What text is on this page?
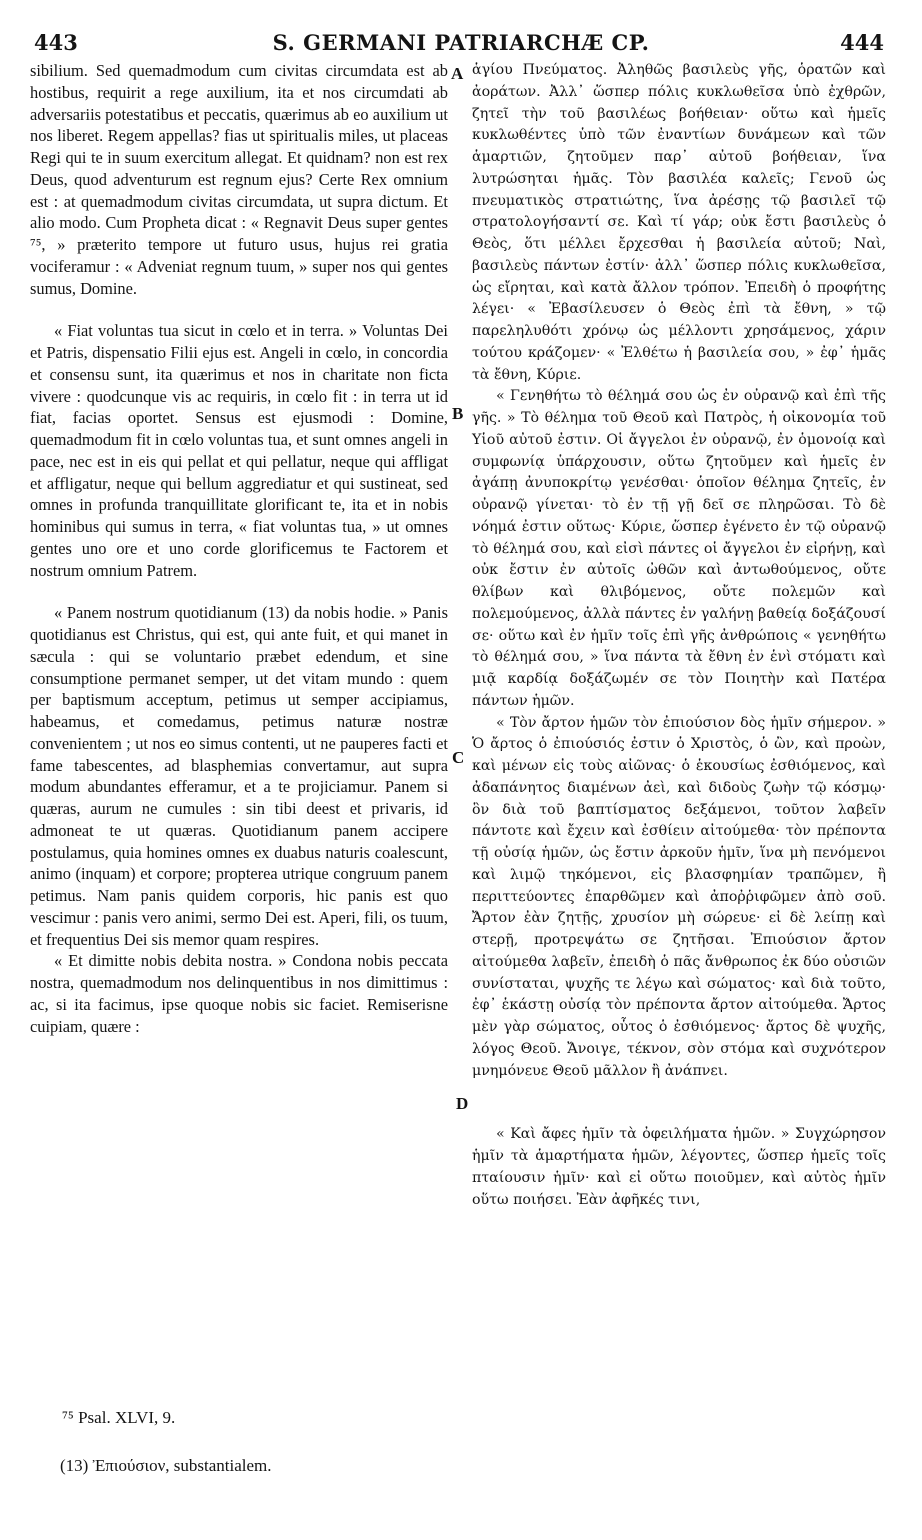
443	S. GERMANI PATRIARCHÆ CP.	444

sibilium. Sed quemadmodum cum civitas circumdata est ab hostibus, requirit a rege auxilium, ita et nos circumdati ab adversariis potestatibus et peccatis, quærimus ab eo auxilium ut nos liberet. Regem appellas? fias ut spiritualis miles, ut placeas Regi qui te in suum exercitum allegat. Et quidnam? non est rex Deus, quod adventurum est regnum ejus? Certe Rex omnium est : at quemadmodum civitas circumdata, ut supra dictum. Et alio modo. Cum Propheta dicat : « Regnavit Deus super gentes ⁷⁵, » præterito tempore ut futuro usus, hujus rei gratia vociferamur : « Adveniat regnum tuum, » super nos qui gentes sumus, Domine.

« Fiat voluntas tua sicut in cœlo et in terra. » Voluntas Dei et Patris, dispensatio Filii ejus est. Angeli in cœlo, in concordia et consensu sunt, ita quærimus et nos in charitate non ficta vivere : quodcunque vis ac requiris, in cœlo fit : in terra ut id fiat, facias oportet. Sensus est ejusmodi : Domine, quemadmodum fit in cœlo voluntas tua, et sunt omnes angeli in pace, nec est in eis qui pellat et qui pellatur, neque qui affligat et affligatur, neque qui bellum aggrediatur et qui sustineat, sed omnes in profunda tranquillitate glorificant te, ita et in nobis hominibus qui sumus in terra, « fiat voluntas tua, » ut omnes gentes uno ore et uno corde glorificemus te Factorem et nostrum omnium Patrem.

« Panem nostrum quotidianum (13) da nobis hodie. » Panis quotidianus est Christus, qui est, qui ante fuit, et qui manet in sæcula : qui se voluntario præbet edendum, et sine consumptione permanet semper, ut det vitam mundo : quem per baptismum acceptum, petimus ut semper accipiamus, habeamus, et comedamus, petimus naturæ nostræ convenientem ; ut nos eo simus contenti, ut ne pauperes facti et fame tabescentes, ad blasphemias convertamur, aut supra modum abundantes efferamur, et a te projiciamur. Panem si quæras, aurum ne cumules : sin tibi deest et privaris, id admoneat te ut quæras. Quotidianum panem accipere postulamus, quia homines omnes ex duabus naturis coalescunt, animo (inquam) et corpore; propterea utrique congruum panem petimus. Nam panis quidem corporis, hic panis est quo vescimur : panis vero animi, sermo Dei est. Aperi, fili, os tuum, et frequentius Dei sis memor quam respires.

« Et dimitte nobis debita nostra. » Condona nobis peccata nostra, quemadmodum nos delinquentibus in nos dimittimus : ac, si ita facimus, ipse quoque nobis sic faciet. Remiserisne cuipiam, quære :

ἁγίου Πνεύματος. Ἀληθῶς βασιλεὺς γῆς, ὁρατῶν καὶ ἀοράτων. Ἀλλ᾽ ὥσπερ πόλις κυκλωθεῖσα ὑπὸ ἐχθρῶν, ζητεῖ τὴν τοῦ βασιλέως βοήθειαν· οὕτω καὶ ἡμεῖς κυκλωθέντες ὑπὸ τῶν ἐναντίων δυνάμεων καὶ τῶν ἁμαρτιῶν, ζητοῦμεν παρ᾽ αὐτοῦ βοήθειαν, ἵνα λυτρώσηται ἡμᾶς. Τὸν βασιλέα καλεῖς; Γενοῦ ὡς πνευματικὸς στρατιώτης, ἵνα ἀρέσῃς τῷ βασιλεῖ τῷ στρατολογήσαντί σε. Καὶ τί γάρ; οὐκ ἔστι βασιλεὺς ὁ Θεὸς, ὅτι μέλλει ἔρχεσθαι ἡ βασιλεία αὐτοῦ; Ναὶ, βασιλεὺς πάντων ἐστίν· ἀλλ᾽ ὥσπερ πόλις κυκλωθεῖσα, ὡς εἴρηται, καὶ κατὰ ἄλλον τρόπον. Ἐπειδὴ ὁ προφήτης λέγει· « Ἐβασίλευσεν ὁ Θεὸς ἐπὶ τὰ ἔθνη, » τῷ παρεληλυθότι χρόνῳ ὡς μέλλοντι χρησάμενος, χάριν τούτου κράζομεν· « Ἐλθέτω ἡ βασιλεία σου, » ἐφ᾽ ἡμᾶς τὰ ἔθνη, Κύριε.

« Γενηθήτω τὸ θέλημά σου ὡς ἐν οὐρανῷ καὶ ἐπὶ τῆς γῆς. » Τὸ θέλημα τοῦ Θεοῦ καὶ Πατρὸς, ἡ οἰκονομία τοῦ Υἱοῦ αὐτοῦ ἐστιν. Οἱ ἄγγελοι ἐν οὐρανῷ, ἐν ὁμονοίᾳ καὶ συμφωνίᾳ ὑπάρχουσιν, οὕτω ζητοῦμεν καὶ ἡμεῖς ἐν ἀγάπῃ ἀνυποκρίτῳ γενέσθαι· ὁποῖον θέλημα ζητεῖς, ἐν οὐρανῷ γίνεται· τὸ ἐν τῇ γῇ δεῖ σε πληρῶσαι. Τὸ δὲ νόημά ἐστιν οὕτως· Κύριε, ὥσπερ ἐγένετο ἐν τῷ οὐρανῷ τὸ θέλημά σου, καὶ εἰσὶ πάντες οἱ ἄγγελοι ἐν εἰρήνῃ, καὶ οὐκ ἔστιν ἐν αὐτοῖς ὠθῶν καὶ ἀντωθούμενος, οὔτε θλίβων καὶ θλιβόμενος, οὔτε πολεμῶν καὶ πολεμούμενος, ἀλλὰ πάντες ἐν γαλήνῃ βαθείᾳ δοξάζουσί σε· οὕτω καὶ ἐν ἡμῖν τοῖς ἐπὶ γῆς ἀνθρώποις « γενηθήτω τὸ θέλημά σου, » ἵνα πάντα τὰ ἔθνη ἐν ἑνὶ στόματι καὶ μιᾷ καρδίᾳ δοξάζωμέν σε τὸν Ποιητὴν καὶ Πατέρα πάντων ἡμῶν.

« Τὸν ἄρτον ἡμῶν τὸν ἐπιούσιον δὸς ἡμῖν σήμερον. » Ὁ ἄρτος ὁ ἐπιούσιός ἐστιν ὁ Χριστὸς, ὁ ὢν, καὶ προὼν, καὶ μένων εἰς τοὺς αἰῶνας· ὁ ἑκουσίως ἐσθιόμενος, καὶ ἀδαπάνητος διαμένων ἀεὶ, καὶ διδοὺς ζωὴν τῷ κόσμῳ· ὃν διὰ τοῦ βαπτίσματος δεξάμενοι, τοῦτον λαβεῖν πάντοτε καὶ ἔχειν καὶ ἐσθίειν αἰτούμεθα· τὸν πρέποντα τῇ οὐσίᾳ ἡμῶν, ὡς ἔστιν ἀρκοῦν ἡμῖν, ἵνα μὴ πενόμενοι καὶ λιμῷ τηκόμενοι, εἰς βλασφημίαν τραπῶμεν, ἢ περιττεύοντες ἐπαρθῶμεν καὶ ἀποῤῥιφῶμεν ἀπὸ σοῦ. Ἄρτον ἐὰν ζητῇς, χρυσίον μὴ σώρευε· εἰ δὲ λείπῃ καὶ στερῇ, προτρεψάτω σε ζητῆσαι. Ἐπιούσιον ἄρτον αἰτούμεθα λαβεῖν, ἐπειδὴ ὁ πᾶς ἄνθρωπος ἐκ δύο οὐσιῶν συνίσταται, ψυχῆς τε λέγω καὶ σώματος· καὶ διὰ τοῦτο, ἐφ᾽ ἑκάστῃ οὐσίᾳ τὸν πρέποντα ἄρτον αἰτούμεθα. Ἄρτος μὲν γὰρ σώματος, οὗτος ὁ ἐσθιόμενος· ἄρτος δὲ ψυχῆς, λόγος Θεοῦ. Ἄνοιγε, τέκνον, σὸν στόμα καὶ συχνότερον μνημόνευε Θεοῦ μᾶλλον ἢ ἀνάπνει.

« Καὶ ἄφες ἡμῖν τὰ ὀφειλήματα ἡμῶν. » Συγχώρησον ἡμῖν τὰ ἁμαρτήματα ἡμῶν, λέγοντες, ὥσπερ ἡμεῖς τοῖς πταίουσιν ἡμῖν· καὶ εἰ οὕτω ποιοῦμεν, καὶ αὐτὸς ἡμῖν οὕτω ποιήσει. Ἐὰν ἀφῆκές τινι,

A
B
C
D
⁷⁵ Psal. XLVI, 9.
(13) Ἐπιούσιον, substantialem.
